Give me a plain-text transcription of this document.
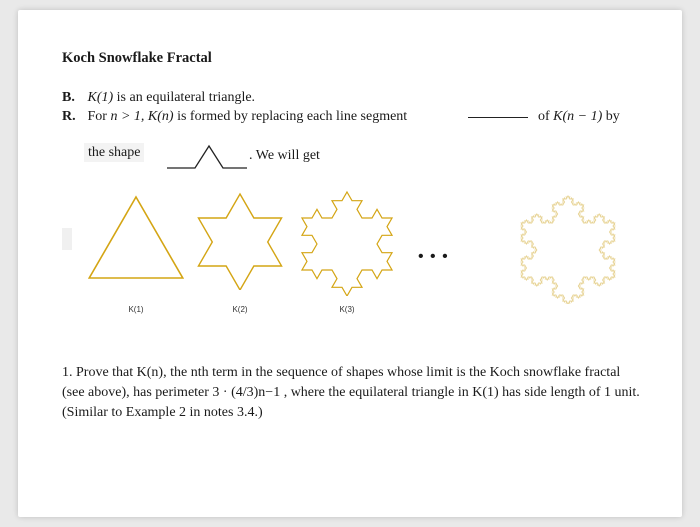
Koch Snowflake Fractal
B. K(1) is an equilateral triangle.
R. For n > 1, K(n) is formed by replacing each line segment	of K(n − 1) by
the shape	. We will get
K(1)	K(2)	K(3)
• • •
1. Prove that K(n), the nth term in the sequence of shapes whose limit is the Koch snowflake fractal (see above), has perimeter 3 · (4/3)n−1 , where the equilateral triangle in K(1) has side length of 1 unit. (Similar to Example 2 in notes 3.4.)
